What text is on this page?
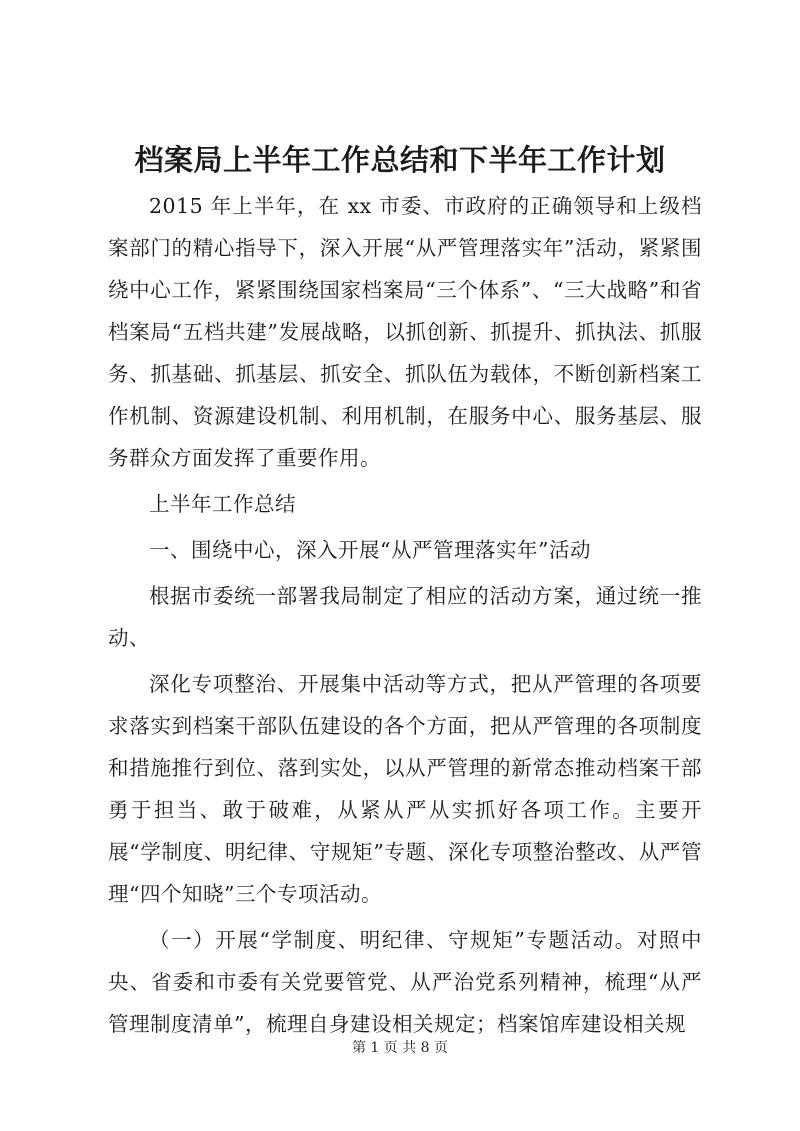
档案局上半年工作总结和下半年工作计划

2015 年上半年，在 xx 市委、市政府的正确领导和上级档案部门的精心指导下，深入开展“从严管理落实年”活动，紧紧围绕中心工作，紧紧围绕国家档案局“三个体系”、“三大战略”和省档案局“五档共建”发展战略，以抓创新、抓提升、抓执法、抓服务、抓基础、抓基层、抓安全、抓队伍为载体，不断创新档案工作机制、资源建设机制、利用机制，在服务中心、服务基层、服务群众方面发挥了重要作用。

上半年工作总结

一、围绕中心，深入开展“从严管理落实年”活动

根据市委统一部署我局制定了相应的活动方案，通过统一推动、

深化专项整治、开展集中活动等方式，把从严管理的各项要求落实到档案干部队伍建设的各个方面，把从严管理的各项制度和措施推行到位、落到实处，以从严管理的新常态推动档案干部勇于担当、敢于破难，从紧从严从实抓好各项工作。主要开展“学制度、明纪律、守规矩”专题、深化专项整治整改、从严管理“四个知晓”三个专项活动。

（一）开展“学制度、明纪律、守规矩”专题活动。对照中央、省委和市委有关党要管党、从严治党系列精神，梳理“从严管理制度清单”，梳理自身建设相关规定；档案馆库建设相关规

第 1 页 共 8 页
